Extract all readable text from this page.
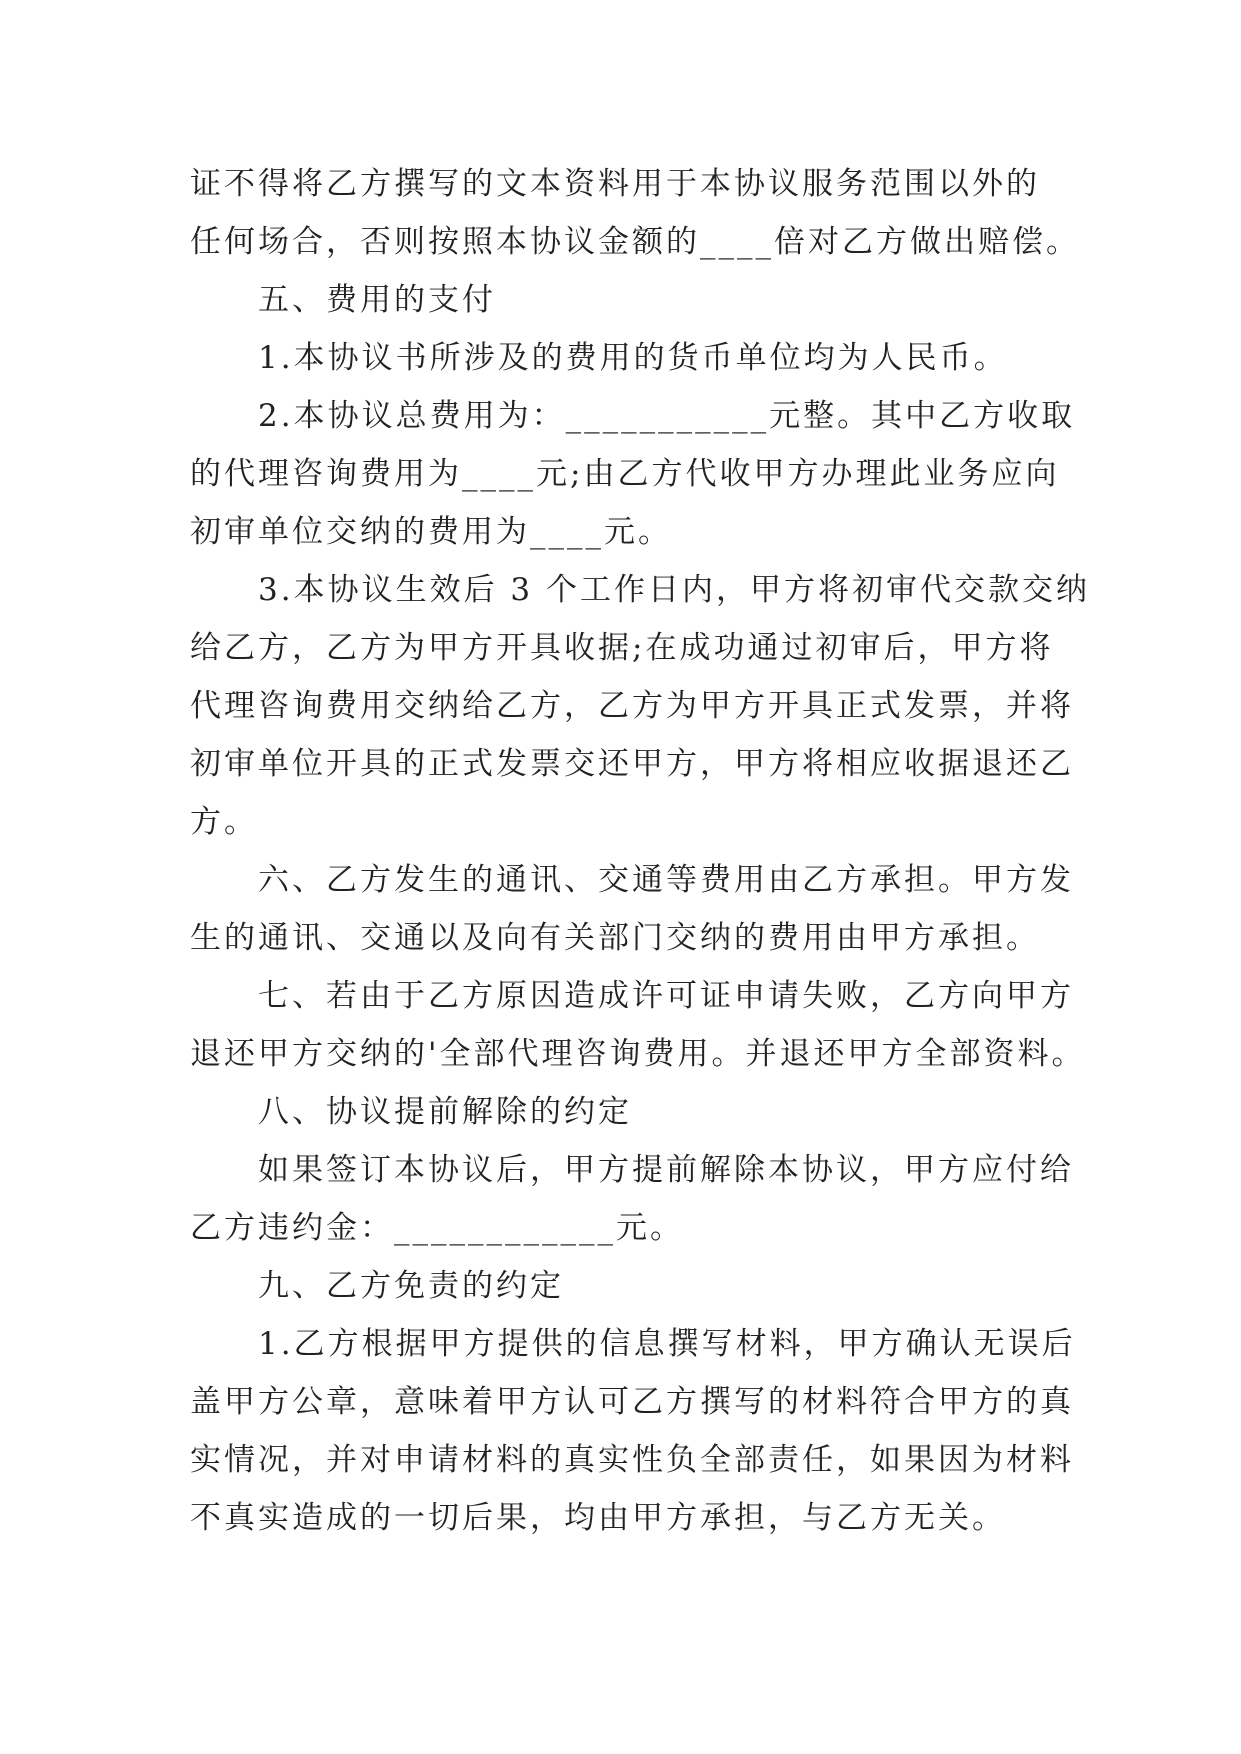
证不得将乙方撰写的文本资料用于本协议服务范围以外的
任何场合，否则按照本协议金额的____倍对乙方做出赔偿。
五、费用的支付
1.本协议书所涉及的费用的货币单位均为人民币。
2.本协议总费用为：___________元整。其中乙方收取
的代理咨询费用为____元;由乙方代收甲方办理此业务应向
初审单位交纳的费用为____元。
3.本协议生效后 3 个工作日内，甲方将初审代交款交纳
给乙方，乙方为甲方开具收据;在成功通过初审后，甲方将
代理咨询费用交纳给乙方，乙方为甲方开具正式发票，并将
初审单位开具的正式发票交还甲方，甲方将相应收据退还乙
方。
六、乙方发生的通讯、交通等费用由乙方承担。甲方发
生的通讯、交通以及向有关部门交纳的费用由甲方承担。
七、若由于乙方原因造成许可证申请失败，乙方向甲方
退还甲方交纳的'全部代理咨询费用。并退还甲方全部资料。
八、协议提前解除的约定
如果签订本协议后，甲方提前解除本协议，甲方应付给
乙方违约金：____________元。
九、乙方免责的约定
1.乙方根据甲方提供的信息撰写材料，甲方确认无误后
盖甲方公章，意味着甲方认可乙方撰写的材料符合甲方的真
实情况，并对申请材料的真实性负全部责任，如果因为材料
不真实造成的一切后果，均由甲方承担，与乙方无关。
